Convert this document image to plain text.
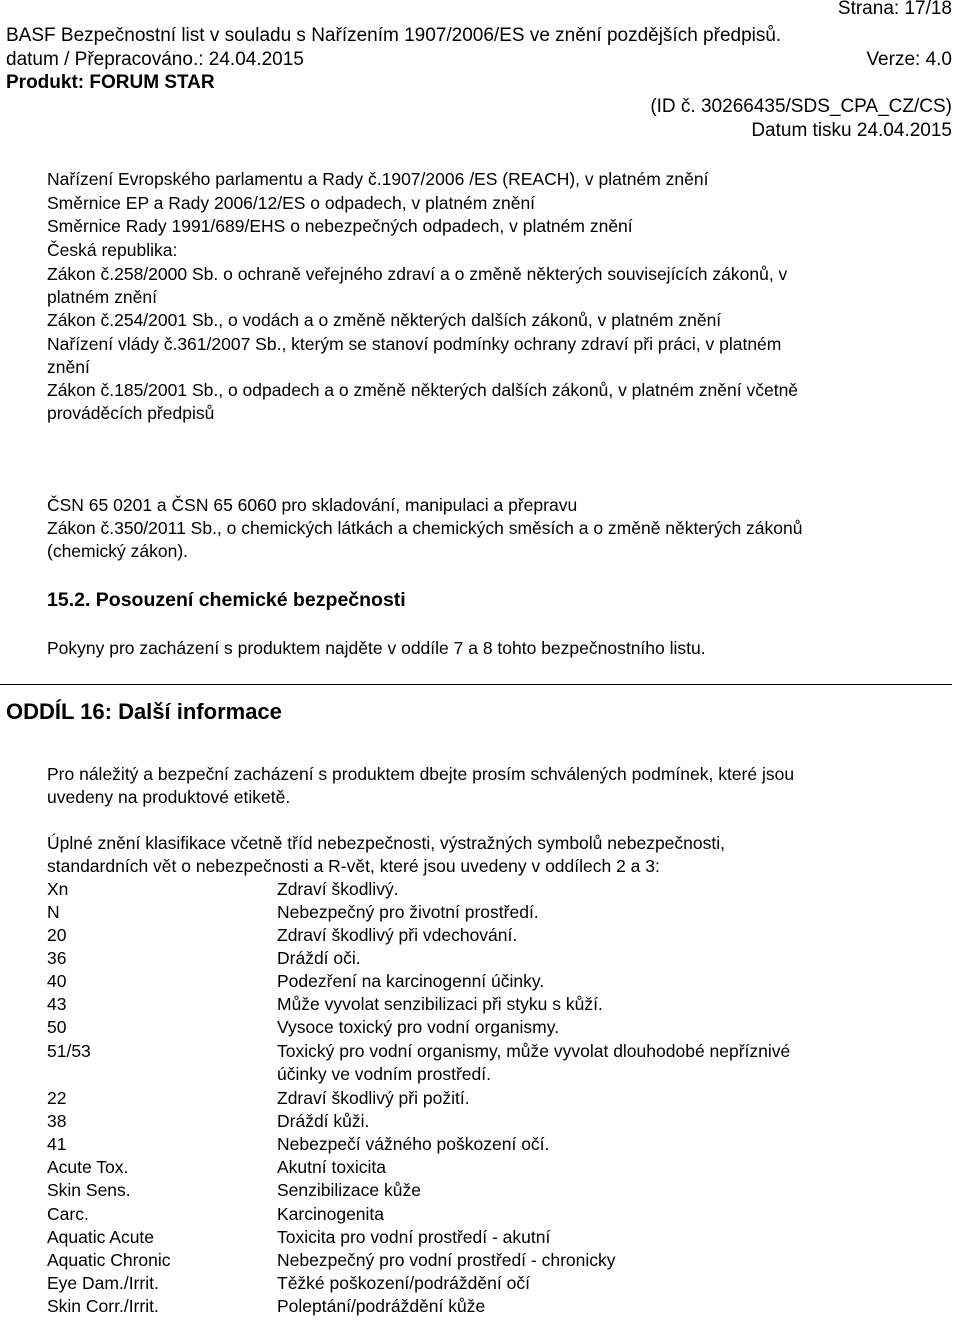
Strana: 17/18
BASF Bezpečnostní list v souladu s Nařízením 1907/2006/ES ve znění pozdějších předpisů.
datum / Přepracováno.: 24.04.2015	Verze: 4.0
Produkt: FORUM STAR
(ID č. 30266435/SDS_CPA_CZ/CS)
Datum tisku 24.04.2015
Nařízení Evropského parlamentu a Rady č.1907/2006 /ES (REACH), v platném znění
Směrnice EP a Rady 2006/12/ES o odpadech, v platném znění
Směrnice Rady 1991/689/EHS o nebezpečných odpadech, v platném znění
Česká republika:
Zákon č.258/2000 Sb. o ochraně veřejného zdraví a o změně některých souvisejících zákonů, v
platném znění
Zákon č.254/2001 Sb., o vodách a o změně některých dalších zákonů, v platném znění
Nařízení vlády č.361/2007 Sb., kterým se stanoví podmínky ochrany zdraví při práci, v platném
znění
Zákon č.185/2001 Sb., o odpadech a o změně některých dalších zákonů, v platném znění včetně
prováděcích předpisů
ČSN 65 0201 a ČSN 65 6060 pro skladování, manipulaci a přepravu
Zákon č.350/2011 Sb., o chemických látkách a chemických směsích a o změně některých zákonů
(chemický zákon).
15.2. Posouzení chemické bezpečnosti
Pokyny pro zacházení s produktem najděte v oddíle 7 a 8 tohto bezpečnostního listu.
ODDÍL 16: Další informace
Pro náležitý a bezpeční zacházení s produktem dbejte prosím schválených podmínek, které jsou
uvedeny na produktové etiketě.
Úplné znění klasifikace včetně tříd nebezpečnosti, výstražných symbolů nebezpečnosti,
standardních vět o nebezpečnosti a R-vět, které jsou uvedeny v oddílech 2 a 3:
Xn	Zdraví škodlivý.
N	Nebezpečný pro životní prostředí.
20	Zdraví škodlivý při vdechování.
36	Dráždí oči.
40	Podezření na karcinogenní účinky.
43	Může vyvolat senzibilizaci při styku s kůží.
50	Vysoce toxický pro vodní organismy.
51/53	Toxický pro vodní organismy, může vyvolat dlouhodobé nepříznivé
účinky ve vodním prostředí.
22	Zdraví škodlivý při požití.
38	Dráždí kůži.
41	Nebezpečí vážného poškození očí.
Acute Tox.	Akutní toxicita
Skin Sens.	Senzibilizace kůže
Carc.	Karcinogenita
Aquatic Acute	Toxicita pro vodní prostředí - akutní
Aquatic Chronic	Nebezpečný pro vodní prostředí - chronicky
Eye Dam./Irrit.	Těžké poškození/podráždění očí
Skin Corr./Irrit.	Poleptání/podráždění kůže
